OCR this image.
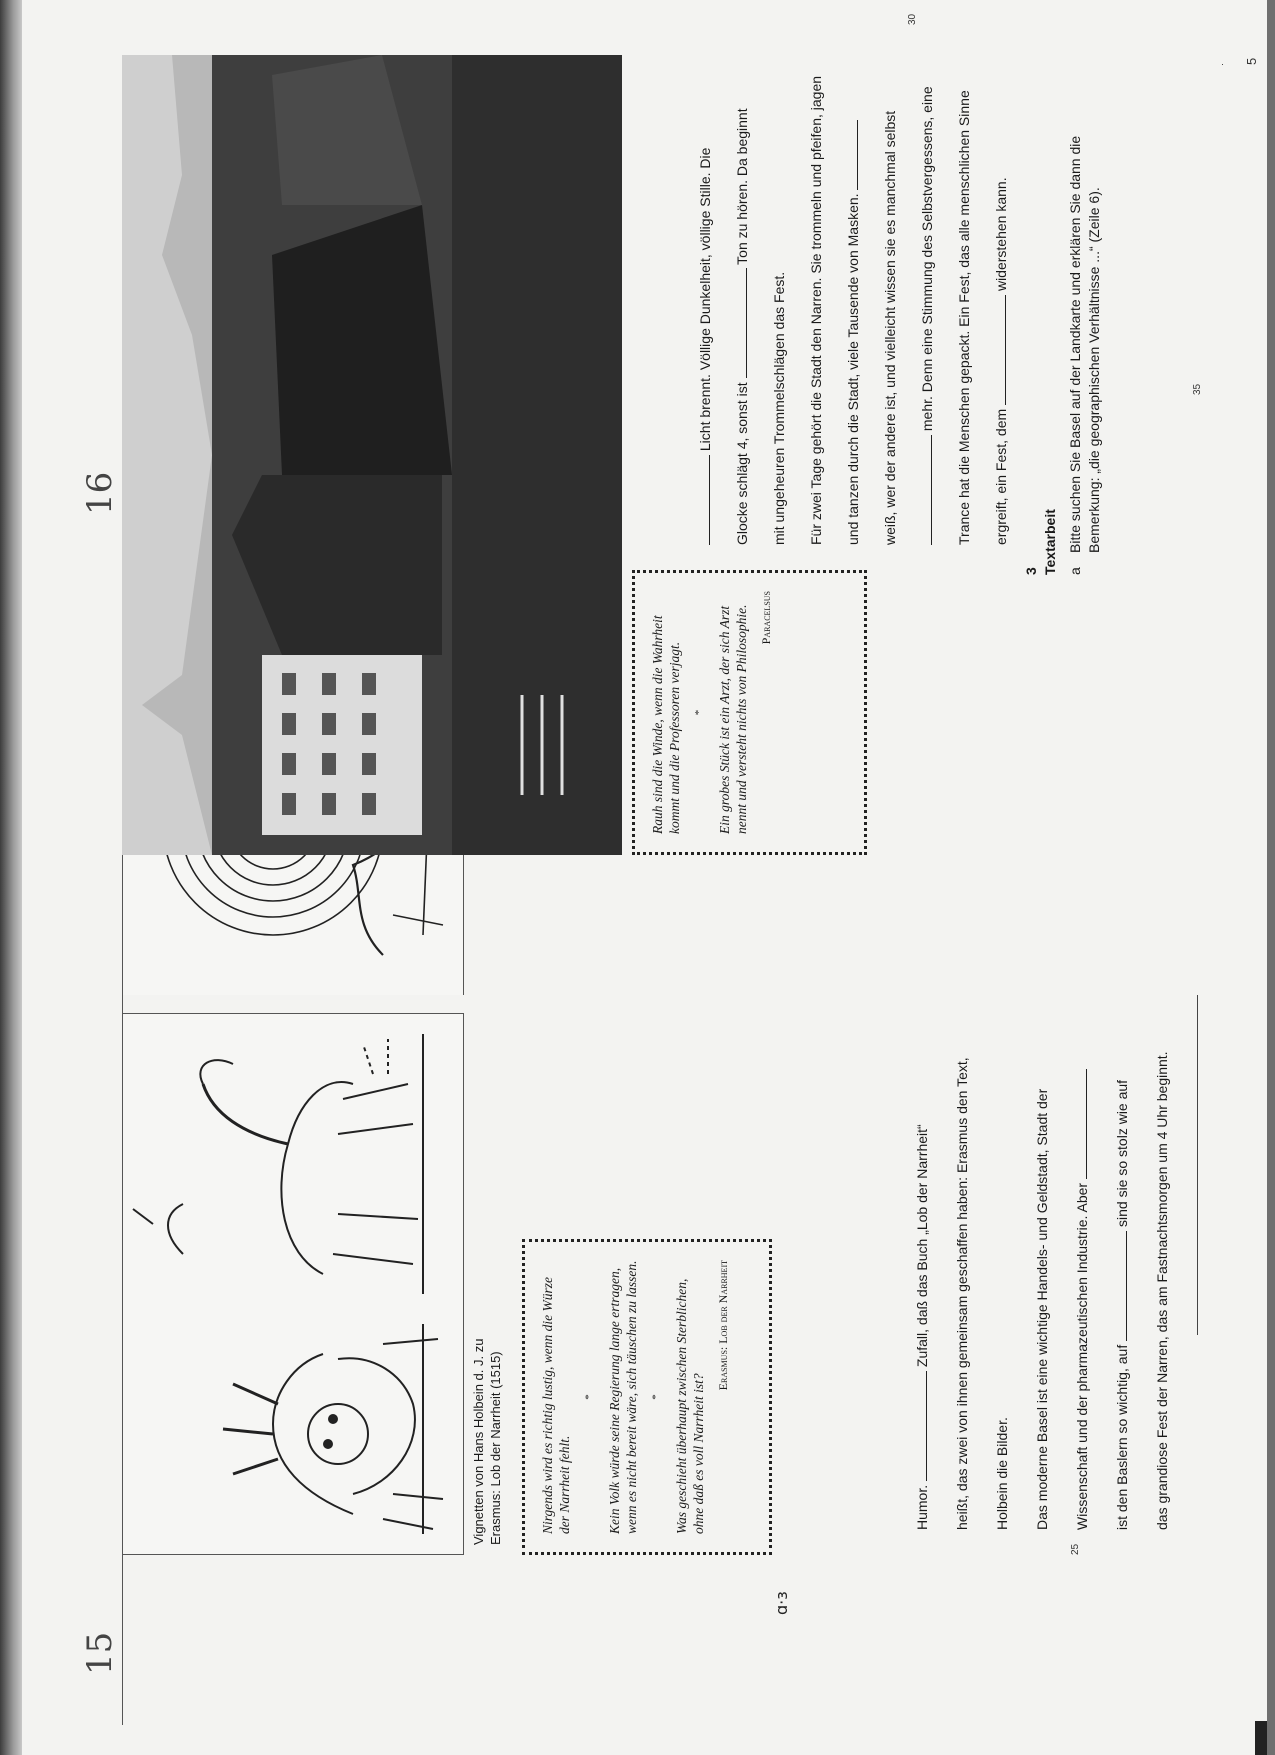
15
Vignetten von Hans Holbein d. J. zu Erasmus: Lob der Narrheit (1515)	Nirgends wird es richtig lustig, wenn die Würze der Narrheit fehlt.

* Kein Volk würde seine Regierung lange ertragen, wenn es nicht bereit wäre, sich täuschen zu lassen. * Was geschieht überhaupt zwischen Sterblichen, ohne daß es voll Narrheit ist?

Erasmus: Lob der Narrheit
ɑ·ɜ
Humor.  Zufall, daß das Buch „Lob der Narrheit“	heißt, das zwei von ihnen gemeinsam geschaffen haben: Erasmus den Text,	Holbein die Bilder.	Das moderne Basel ist eine wichtige Handels- und Geldstadt, Stadt der	Wissenschaft und der pharmazeutischen Industrie. Aber	ist den Baslern so wichtig, auf  sind sie so stolz wie auf	das grandiose Fest der Narren, das am Fastnachtsmorgen um 4 Uhr beginnt.
25
16

Rauh sind die Winde, wenn die Wahrheit kommt und die Professoren verjagt. * Ein grobes Stück ist ein Arzt, der sich Arzt nennt und versteht nichts von Philosophie. Paracelsus
Licht brennt. Völlige Dunkelheit, völlige Stille. Die
Glocke schlägt 4, sonst ist  Ton zu hören. Da beginnt
mit ungeheuren Trommelschlägen das Fest.	Für zwei Tage gehört die Stadt den Narren. Sie trommeln und pfeifen, jagen	und tanzen durch die Stadt, viele Tausende von Masken.	weiß, wer der andere ist, und vielleicht wissen sie es manchmal selbst	mehr. Denn eine Stimmung des Selbstvergessens, eine	Trance hat die Menschen gepackt. Ein Fest, das alle menschlichen Sinne	ergreift, ein Fest, dem  widerstehen kann.
30
35
3 Textarbeit a
Bitte suchen Sie Basel auf der Landkarte und erklären Sie dann die Bemerkung: „die geographischen Verhältnisse ...“ (Zeile 6).
5
